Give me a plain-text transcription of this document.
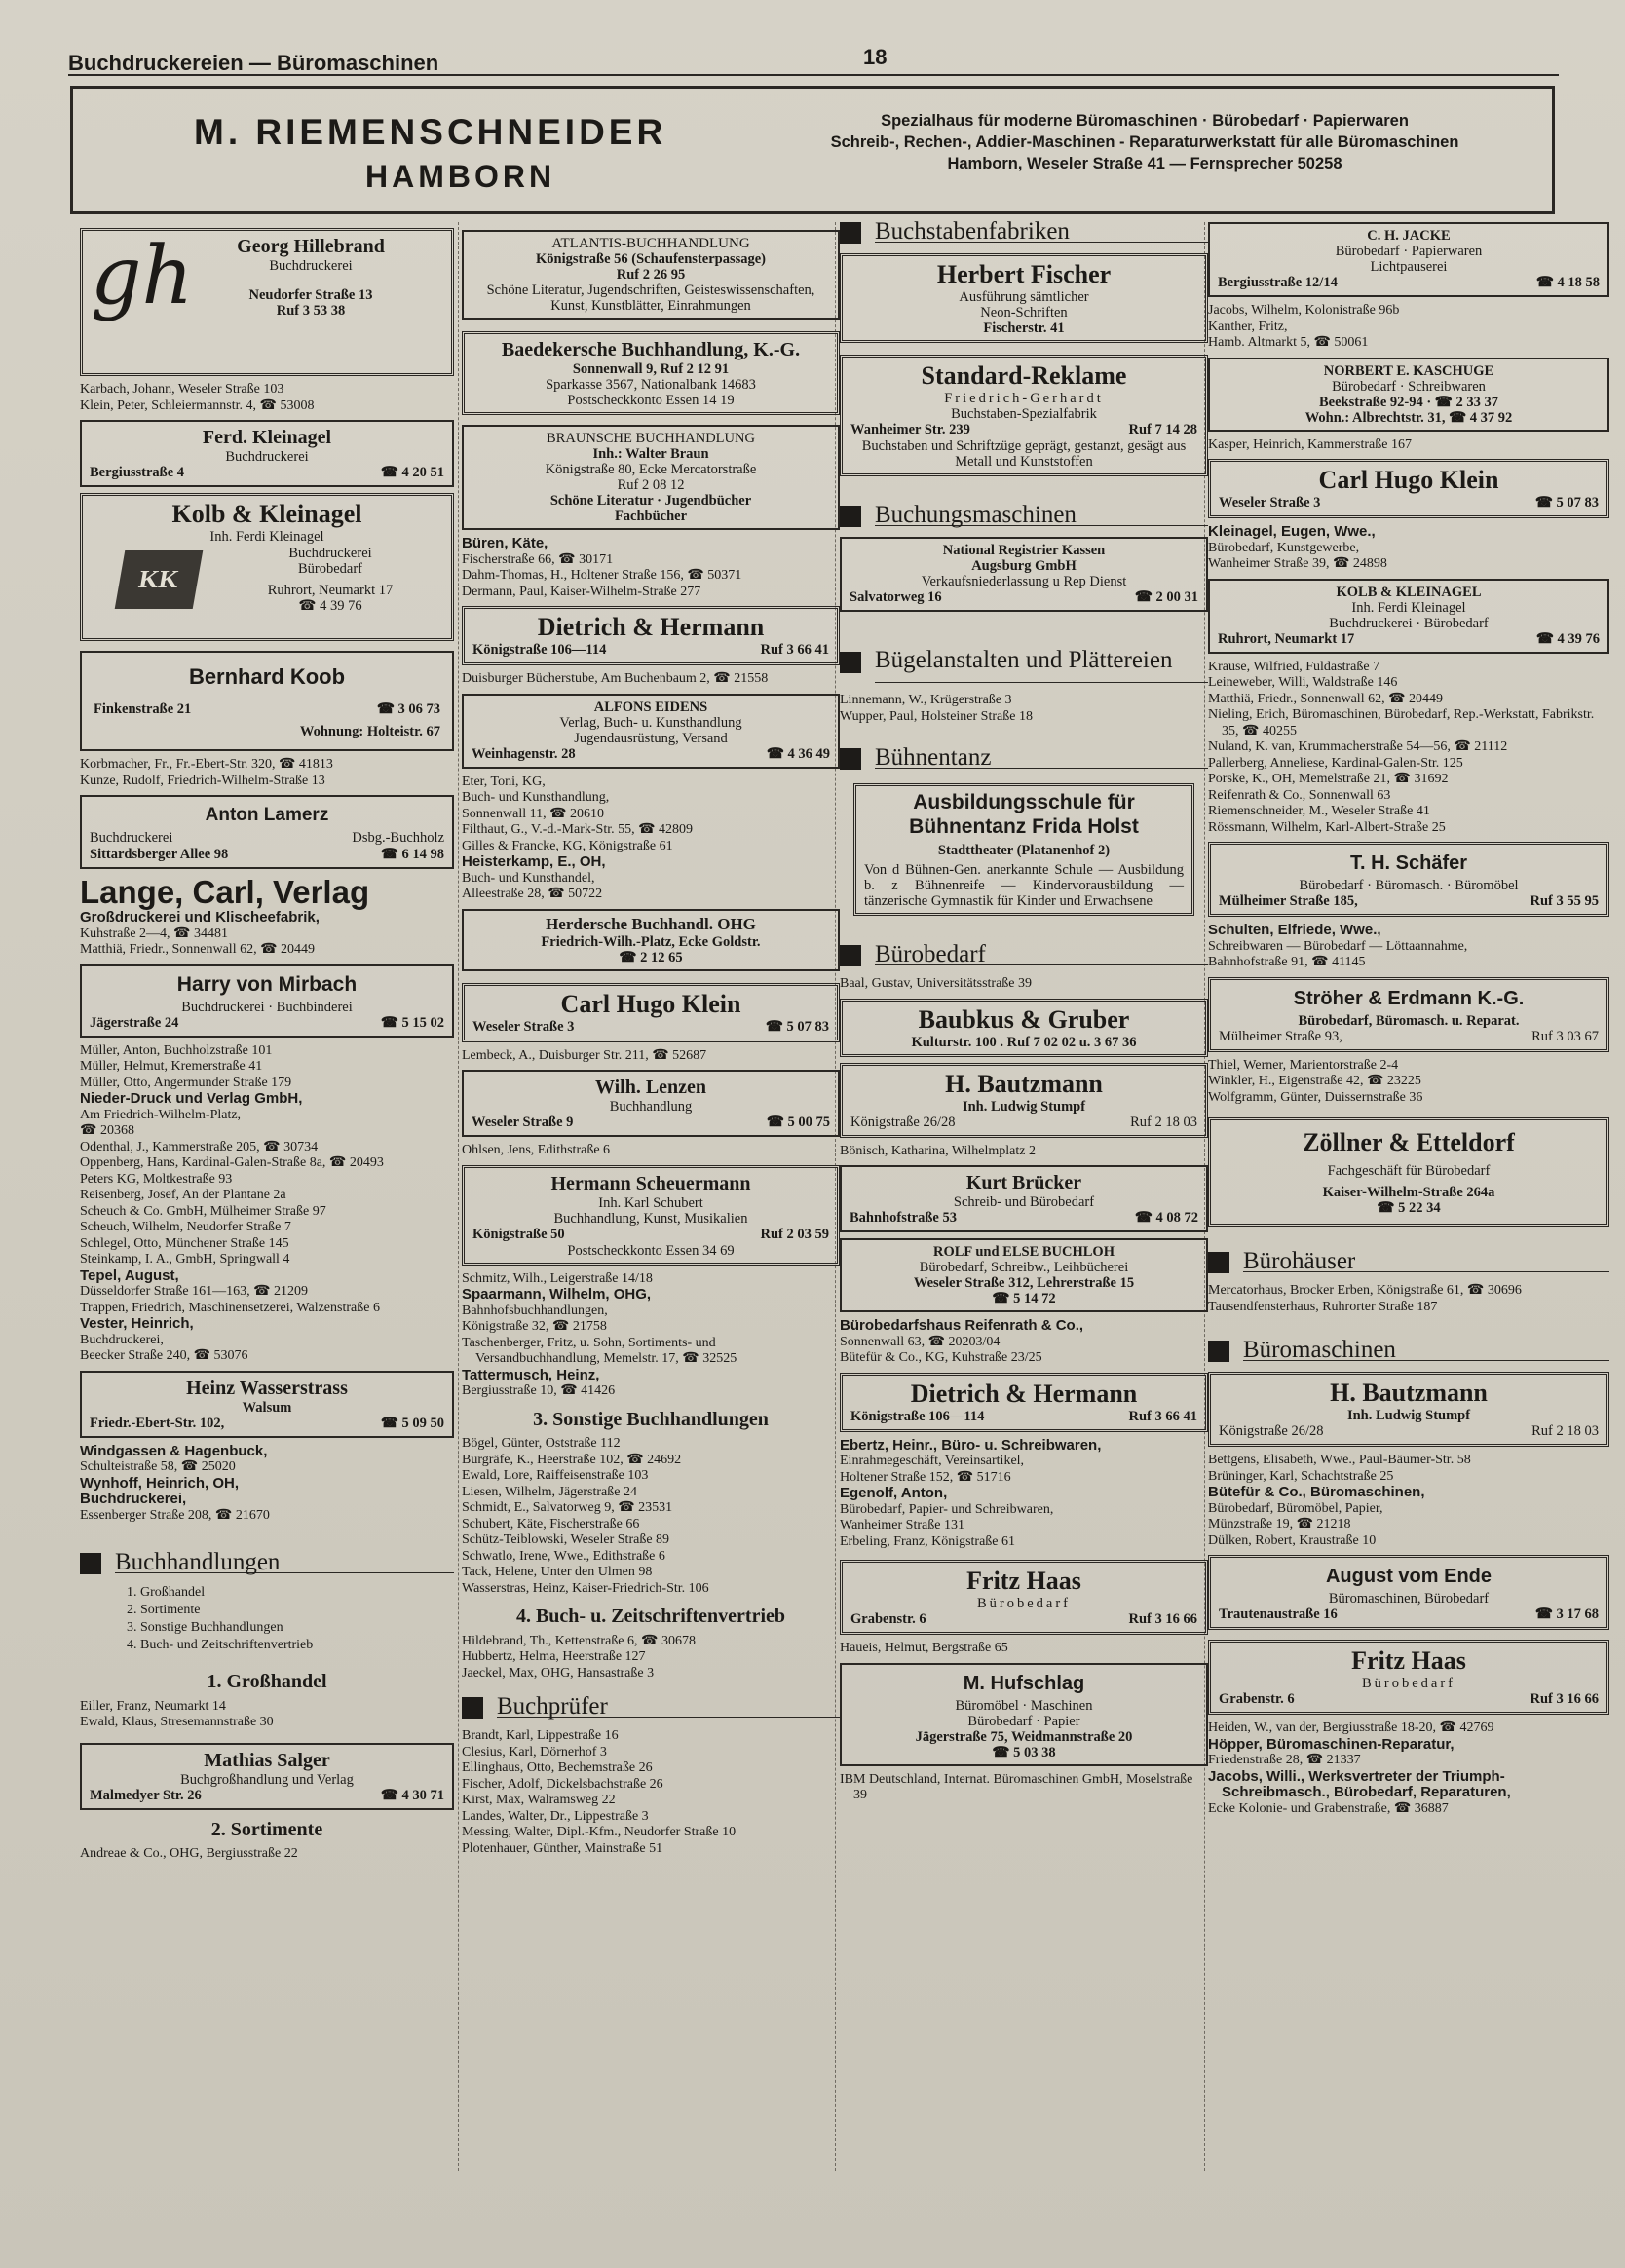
Buchdruckereien — Büromaschinen	18
M. RIEMENSCHNEIDER
HAMBORN
Spezialhaus für moderne Büromaschinen · Bürobedarf · Papierwaren
Schreib-, Rechen-, Addier-Maschinen - Reparaturwerkstatt für alle Büromaschinen
Hamborn, Weseler Straße 41 — Fernsprecher 50258
gh	Georg Hillebrand
Buchdruckerei
Neudorfer Straße 13
Ruf 3 53 38
Karbach, Johann, Weseler Straße 103
Klein, Peter, Schleiermannstr. 4, ☎ 53008
Ferd. Kleinagel
Buchdruckerei
Bergiusstraße 4	☎ 4 20 51
Kolb & Kleinagel
Inh. Ferdi Kleinagel
KK
Buchdruckerei
Bürobedarf
Ruhrort, Neumarkt 17
☎ 4 39 76
Bernhard Koob
Finkenstraße 21	☎ 3 06 73
Wohnung: Holteistr. 67
Korbmacher, Fr., Fr.-Ebert-Str. 320, ☎ 41813
Kunze, Rudolf, Friedrich-Wilhelm-Straße 13
Anton Lamerz
Buchdruckerei	Dsbg.-Buchholz
Sittardsberger Allee 98	☎ 6 14 98
Lange, Carl, Verlag
Großdruckerei und Klischeefabrik,
Kuhstraße 2—4, ☎ 34481
Matthiä, Friedr., Sonnenwall 62, ☎ 20449
Harry von Mirbach
Buchdruckerei · Buchbinderei
Jägerstraße 24	☎ 5 15 02
Müller, Anton, Buchholzstraße 101
Müller, Helmut, Kremerstraße 41
Müller, Otto, Angermunder Straße 179
Nieder-Druck und Verlag GmbH,
Am Friedrich-Wilhelm-Platz,
☎ 20368
Odenthal, J., Kammerstraße 205, ☎ 30734
Oppenberg, Hans, Kardinal-Galen-Straße 8a, ☎ 20493
Peters KG, Moltkestraße 93
Reisenberg, Josef, An der Plantane 2a
Scheuch & Co. GmbH, Mülheimer Straße 97
Scheuch, Wilhelm, Neudorfer Straße 7
Schlegel, Otto, Münchener Straße 145
Steinkamp, I. A., GmbH, Springwall 4
Tepel, August,
Düsseldorfer Straße 161—163, ☎ 21209
Trappen, Friedrich, Maschinensetzerei, Walzenstraße 6
Vester, Heinrich,
Buchdruckerei,
Beecker Straße 240, ☎ 53076
Heinz Wasserstrass
Walsum
Friedr.-Ebert-Str. 102,	☎ 5 09 50
Windgassen & Hagenbuck,
Schulteistraße 58, ☎ 25020
Wynhoff, Heinrich, OH,
Buchdruckerei,
Essenberger Straße 208, ☎ 21670
Buchhandlungen
1. Großhandel
2. Sortimente
3. Sonstige Buchhandlungen
4. Buch- und Zeitschriftenvertrieb
1. Großhandel
Eiller, Franz, Neumarkt 14
Ewald, Klaus, Stresemannstraße 30
Mathias Salger
Buchgroßhandlung und Verlag
Malmedyer Str. 26	☎ 4 30 71
2. Sortimente
Andreae & Co., OHG, Bergiusstraße 22
ATLANTIS-BUCHHANDLUNG
Königstraße 56 (Schaufensterpassage)
Ruf 2 26 95
Schöne Literatur, Jugendschriften, Geisteswissenschaften, Kunst, Kunstblätter, Einrahmungen
Baedekersche Buchhandlung, K.-G.
Sonnenwall 9, Ruf 2 12 91
Sparkasse 3567, Nationalbank 14683
Postscheckkonto Essen 14 19
BRAUNSCHE BUCHHANDLUNG
Inh.: Walter Braun
Königstraße 80, Ecke Mercatorstraße
Ruf 2 08 12
Schöne Literatur · Jugendbücher
Fachbücher
Büren, Käte,
Fischerstraße 66, ☎ 30171
Dahm-Thomas, H., Holtener Straße 156, ☎ 50371
Dermann, Paul, Kaiser-Wilhelm-Straße 277
Dietrich & Hermann
Königstraße 106—114	Ruf 3 66 41
Duisburger Bücherstube, Am Buchenbaum 2, ☎ 21558
ALFONS EIDENS
Verlag, Buch- u. Kunsthandlung
Jugendausrüstung, Versand
Weinhagenstr. 28	☎ 4 36 49
Eter, Toni, KG,
Buch- und Kunsthandlung,
Sonnenwall 11, ☎ 20610
Filthaut, G., V.-d.-Mark-Str. 55, ☎ 42809
Gilles & Francke, KG, Königstraße 61
Heisterkamp, E., OH,
Buch- und Kunsthandel,
Alleestraße 28, ☎ 50722
Herdersche Buchhandl. OHG
Friedrich-Wilh.-Platz, Ecke Goldstr.
☎ 2 12 65
Carl Hugo Klein
Weseler Straße 3	☎ 5 07 83
Lembeck, A., Duisburger Str. 211, ☎ 52687
Wilh. Lenzen
Buchhandlung
Weseler Straße 9	☎ 5 00 75
Ohlsen, Jens, Edithstraße 6
Hermann Scheuermann
Inh. Karl Schubert
Buchhandlung, Kunst, Musikalien
Königstraße 50	Ruf 2 03 59
Postscheckkonto Essen 34 69
Schmitz, Wilh., Leigerstraße 14/18
Spaarmann, Wilhelm, OHG,
Bahnhofsbuchhandlungen,
Königstraße 32, ☎ 21758
Taschenberger, Fritz, u. Sohn, Sortiments- und Versandbuchhandlung, Memelstr. 17, ☎ 32525
Tattermusch, Heinz,
Bergiusstraße 10, ☎ 41426
3. Sonstige Buchhandlungen
Bögel, Günter, Oststraße 112
Burgräfe, K., Heerstraße 102, ☎ 24692
Ewald, Lore, Raiffeisenstraße 103
Liesen, Wilhelm, Jägerstraße 24
Schmidt, E., Salvatorweg 9, ☎ 23531
Schubert, Käte, Fischerstraße 66
Schütz-Teiblowski, Weseler Straße 89
Schwatlo, Irene, Wwe., Edithstraße 6
Tack, Helene, Unter den Ulmen 98
Wasserstras, Heinz, Kaiser-Friedrich-Str. 106
4. Buch- u. Zeitschriftenvertrieb
Hildebrand, Th., Kettenstraße 6, ☎ 30678
Hubbertz, Helma, Heerstraße 127
Jaeckel, Max, OHG, Hansastraße 3
Buchprüfer
Brandt, Karl, Lippestraße 16
Clesius, Karl, Dörnerhof 3
Ellinghaus, Otto, Bechemstraße 26
Fischer, Adolf, Dickelsbachstraße 26
Kirst, Max, Walramsweg 22
Landes, Walter, Dr., Lippestraße 3
Messing, Walter, Dipl.-Kfm., Neudorfer Straße 10
Plotenhauer, Günther, Mainstraße 51
Buchstabenfabriken
Herbert Fischer
Ausführung sämtlicher
Neon-Schriften
Fischerstr. 41
Standard-Reklame
Friedrich-Gerhardt
Buchstaben-Spezialfabrik
Wanheimer Str. 239	Ruf 7 14 28
Buchstaben und Schriftzüge geprägt, gestanzt, gesägt aus Metall und Kunststoffen
Buchungsmaschinen
National Registrier Kassen
Augsburg GmbH
Verkaufsniederlassung u Rep Dienst
Salvatorweg 16	☎ 2 00 31
Bügelanstalten und Plättereien
Linnemann, W., Krügerstraße 3
Wupper, Paul, Holsteiner Straße 18
Bühnentanz
Ausbildungsschule für Bühnentanz Frida Holst
Stadttheater (Platanenhof 2)
Von d Bühnen-Gen. anerkannte Schule — Ausbildung b. z Bühnenreife — Kindervorausbildung — tänzerische Gymnastik für Kinder und Erwachsene
Bürobedarf
Baal, Gustav, Universitätsstraße 39
Baubkus & Gruber
Kulturstr. 100 . Ruf 7 02 02 u. 3 67 36
H. Bautzmann
Inh. Ludwig Stumpf
Königstraße 26/28	Ruf 2 18 03
Bönisch, Katharina, Wilhelmplatz 2
Kurt Brücker
Schreib- und Bürobedarf
Bahnhofstraße 53	☎ 4 08 72
ROLF und ELSE BUCHLOH
Bürobedarf, Schreibw., Leihbücherei
Weseler Straße 312, Lehrerstraße 15
☎ 5 14 72
Bürobedarfshaus Reifenrath & Co.,
Sonnenwall 63, ☎ 20203/04
Bütefür & Co., KG, Kuhstraße 23/25
Dietrich & Hermann
Königstraße 106—114	Ruf 3 66 41
Ebertz, Heinr., Büro- u. Schreibwaren,
Einrahmegeschäft, Vereinsartikel,
Holtener Straße 152, ☎ 51716
Egenolf, Anton,
Bürobedarf, Papier- und Schreibwaren,
Wanheimer Straße 131
Erbeling, Franz, Königstraße 61
Fritz Haas
Bürobedarf
Grabenstr. 6	Ruf 3 16 66
Haueis, Helmut, Bergstraße 65
M. Hufschlag
Büromöbel · Maschinen
Bürobedarf · Papier
Jägerstraße 75, Weidmannstraße 20
☎ 5 03 38
IBM Deutschland, Internat. Büromaschinen GmbH, Moselstraße 39
C. H. JACKE
Bürobedarf · Papierwaren
Lichtpauserei
Bergiusstraße 12/14	☎ 4 18 58
Jacobs, Wilhelm, Kolonistraße 96b
Kanther, Fritz,
Hamb. Altmarkt 5, ☎ 50061
NORBERT E. KASCHUGE
Bürobedarf · Schreibwaren
Beekstraße 92-94 · ☎ 2 33 37
Wohn.: Albrechtstr. 31, ☎ 4 37 92
Kasper, Heinrich, Kammerstraße 167
Carl Hugo Klein
Weseler Straße 3	☎ 5 07 83
Kleinagel, Eugen, Wwe.,
Bürobedarf, Kunstgewerbe,
Wanheimer Straße 39, ☎ 24898
KOLB & KLEINAGEL
Inh. Ferdi Kleinagel
Buchdruckerei · Bürobedarf
Ruhrort, Neumarkt 17	☎ 4 39 76
Krause, Wilfried, Fuldastraße 7
Leineweber, Willi, Waldstraße 146
Matthiä, Friedr., Sonnenwall 62, ☎ 20449
Nieling, Erich, Büromaschinen, Bürobedarf, Rep.-Werkstatt, Fabrikstr. 35, ☎ 40255
Nuland, K. van, Krummacherstraße 54—56, ☎ 21112
Pallerberg, Anneliese, Kardinal-Galen-Str. 125
Porske, K., OH, Memelstraße 21, ☎ 31692
Reifenrath & Co., Sonnenwall 63
Riemenschneider, M., Weseler Straße 41
Rössmann, Wilhelm, Karl-Albert-Straße 25
T. H. Schäfer
Bürobedarf · Büromasch. · Büromöbel
Mülheimer Straße 185,	Ruf 3 55 95
Schulten, Elfriede, Wwe.,
Schreibwaren — Bürobedarf — Löttaannahme,
Bahnhofstraße 91, ☎ 41145
Ströher & Erdmann K.-G.
Bürobedarf, Büromasch. u. Reparat.
Mülheimer Straße 93,	Ruf 3 03 67
Thiel, Werner, Marientorstraße 2-4
Winkler, H., Eigenstraße 42, ☎ 23225
Wolfgramm, Günter, Duissernstraße 36
Zöllner & Etteldorf
Fachgeschäft für Bürobedarf
Kaiser-Wilhelm-Straße 264a
☎ 5 22 34
Bürohäuser
Mercatorhaus, Brocker Erben, Königstraße 61, ☎ 30696
Tausendfensterhaus, Ruhrorter Straße 187
Büromaschinen
H. Bautzmann
Inh. Ludwig Stumpf
Königstraße 26/28	Ruf 2 18 03
Bettgens, Elisabeth, Wwe., Paul-Bäumer-Str. 58
Brüninger, Karl, Schachtstraße 25
Bütefür & Co., Büromaschinen,
Bürobedarf, Büromöbel, Papier,
Münzstraße 19, ☎ 21218
Dülken, Robert, Kraustraße 10
August vom Ende
Büromaschinen, Bürobedarf
Trautenaustraße 16	☎ 3 17 68
Fritz Haas
Bürobedarf
Grabenstr. 6	Ruf 3 16 66
Heiden, W., van der, Bergiusstraße 18-20, ☎ 42769
Höpper, Büromaschinen-Reparatur,
Friedenstraße 28, ☎ 21337
Jacobs, Willi., Werksvertreter der Triumph-Schreibmasch., Bürobedarf, Reparaturen,
Ecke Kolonie- und Grabenstraße, ☎ 36887
